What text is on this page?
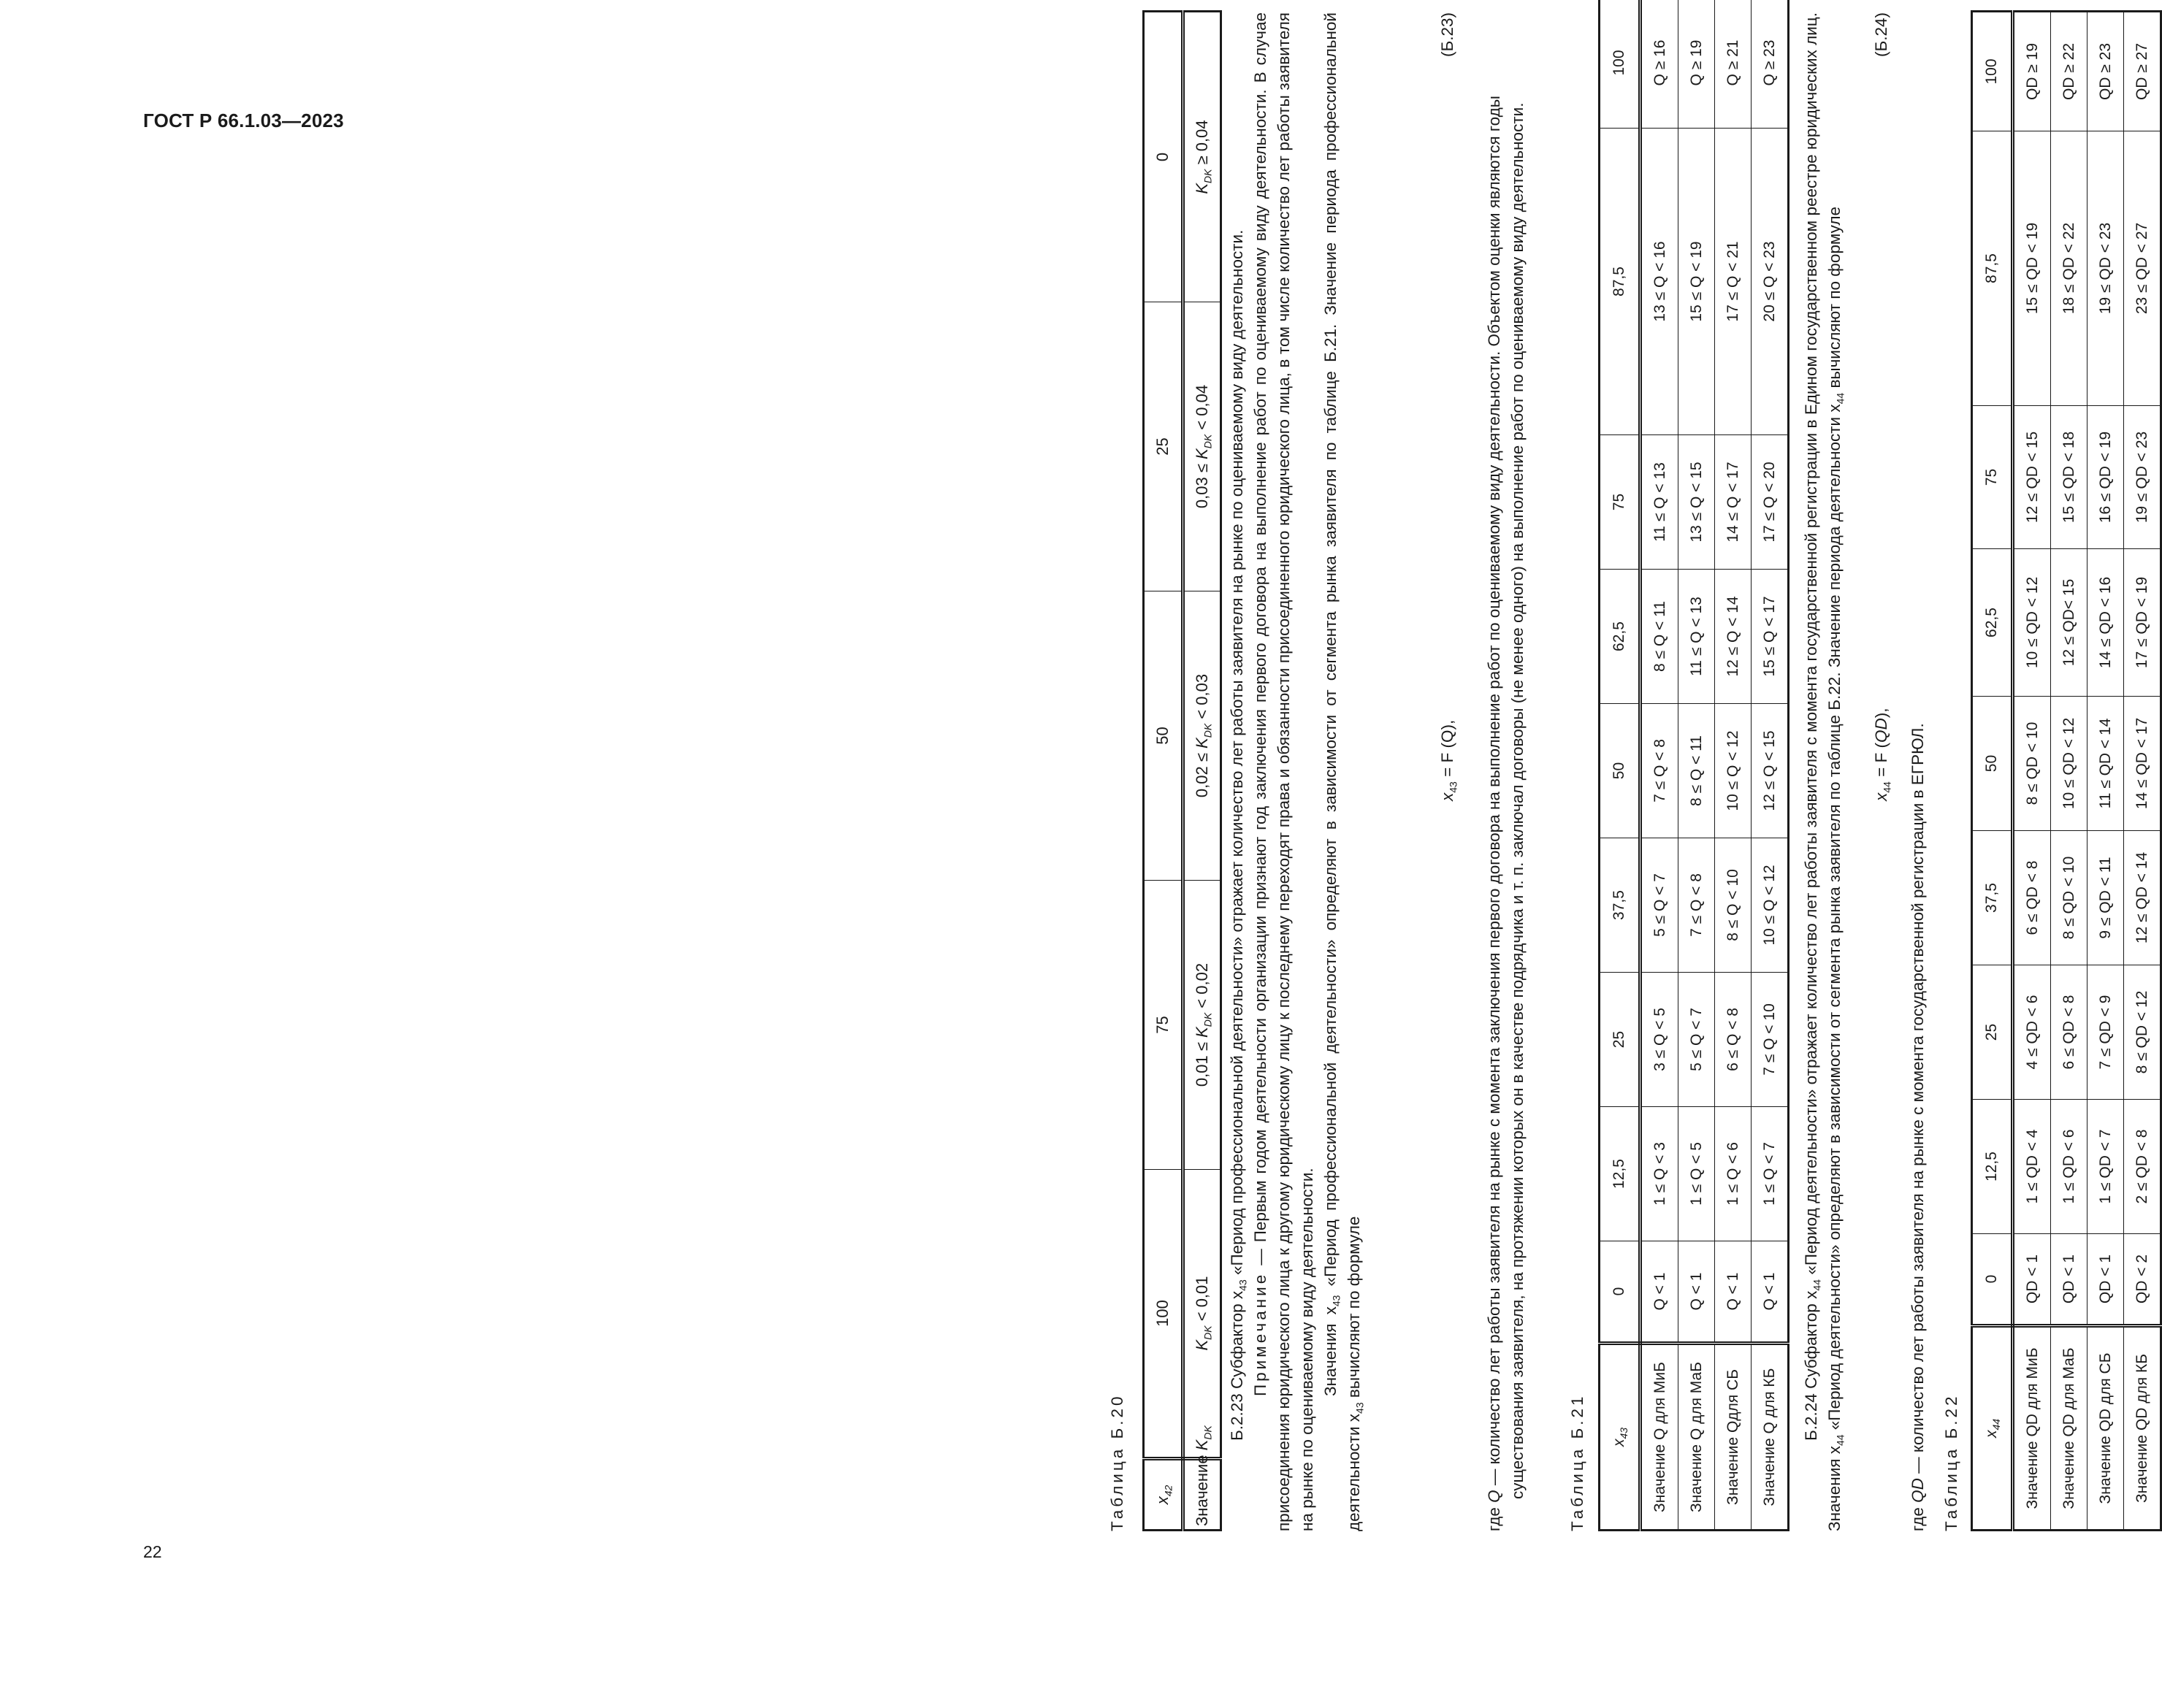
ГОСТ Р 66.1.03—2023
22
Таблица Б.20 $x_{42}$	100	75	50	25	0
Значение $K_{DK}$	$K_{DK} < 0,01$	$0,01 \le K_{DK} < 0,02$	$0,02 \le K_{DK} < 0,03$	$0,03 \le K_{DK} < 0,04$	$K_{DK} \ge 0,04$

Б.2.23 Субфактор $x_{43}$ «Период профессиональной деятельности» отражает количество лет работы заявителя на рынке по оцениваемому виду деятельности.

Примечание — Первым годом деятельности организации признают год заключения первого договора на выполнение работ по оцениваемому виду деятельности. В случае присоединения юридического лица к другому юридическому лицу к последнему переходят права и обязанности присоединенного юридического лица, в том числе количество лет работы заявителя на рынке по оцениваемому виду деятельности. Значения $x_{43}$ «Период профессиональной деятельности» определяют в зависимости от сегмента рынка заявителя по таблице Б.21. Значение периода профессиональной деятельности $x_{43}$ вычисляют по формуле

$x_{43} = F$ (Q),
(Б.23)

где Q — количество лет работы заявителя на рынке с момента заключения первого договора на выполнение работ по оцениваемому виду деятельности. Объектом оценки являются годы существования заявителя, на протяжении которых он в качестве подрядчика и т. п. заключал договоры (не менее одного) на выполнение работ по оцениваемому виду деятельности.	Таблица Б.21 $x_{43}$	0	12,5	25	37,5	50	62,5	75	87,5	100
Значение Q для МиБ	Q < 1	1 ≤ Q < 3	3 ≤ Q < 5	5 ≤ Q < 7	7 ≤ Q < 8	8 ≤ Q < 11	11 ≤ Q < 13	13 ≤ Q < 16	Q ≥ 16
Значение Q для МаБ	Q < 1	1 ≤ Q < 5	5 ≤ Q < 7	7 ≤ Q < 8	8 ≤ Q < 11	11 ≤ Q < 13	13 ≤ Q < 15	15 ≤ Q < 19	Q ≥ 19
Значение Qдля СБ	Q < 1	1 ≤ Q < 6	6 ≤ Q < 8	8 ≤ Q < 10	10 ≤ Q < 12	12 ≤ Q < 14	14 ≤ Q < 17	17 ≤ Q < 21	Q ≥ 21
Значение Q для КБ	Q < 1	1 ≤ Q < 7	7 ≤ Q < 10	10 ≤ Q < 12	12 ≤ Q < 15	15 ≤ Q < 17	17 ≤ Q < 20	20 ≤ Q < 23	Q ≥ 23

Б.2.24 Субфактор $x_{44}$ «Период деятельности» отражает количество лет работы заявителя с момента государственной регистрации в Едином государственном реестре юридических лиц. Значения $x_{44}$ «Период деятельности» определяют в зависимости от сегмента рынка заявителя по таблице Б.22. Значение периода деятельности $x_{44}$ вычисляют по формуле

$x_{44} = F$ (QD),
(Б.24)

где QD — количество лет работы заявителя на рынке с момента государственной регистрации в ЕГРЮЛ. Таблица Б.22 $x_{44}$	0	12,5	25	37,5	50	62,5	75	87,5	100
Значение QD для МиБ	QD < 1	1 ≤ QD < 4	4 ≤ QD < 6	6 ≤ QD < 8	8 ≤ QD < 10	10 ≤ QD < 12	12 ≤ QD < 15	15 ≤ QD < 19	QD ≥ 19
Значение QD для МаБ	QD < 1	1 ≤ QD < 6	6 ≤ QD < 8	8 ≤ QD < 10	10 ≤ QD < 12	12 ≤ QD< 15	15 ≤ QD < 18	18 ≤ QD < 22	QD ≥ 22
Значение QD для СБ	QD < 1	1 ≤ QD < 7	7 ≤ QD < 9	9 ≤ QD < 11	11 ≤ QD < 14	14 ≤ QD < 16	16 ≤ QD < 19	19 ≤ QD < 23	QD ≥ 23
Значение QD для КБ	QD < 2	2 ≤ QD < 8	8 ≤ QD < 12	12 ≤ QD < 14	14 ≤ QD < 17	17 ≤ QD < 19	19 ≤ QD < 23	23 ≤ QD < 27	QD ≥ 27
